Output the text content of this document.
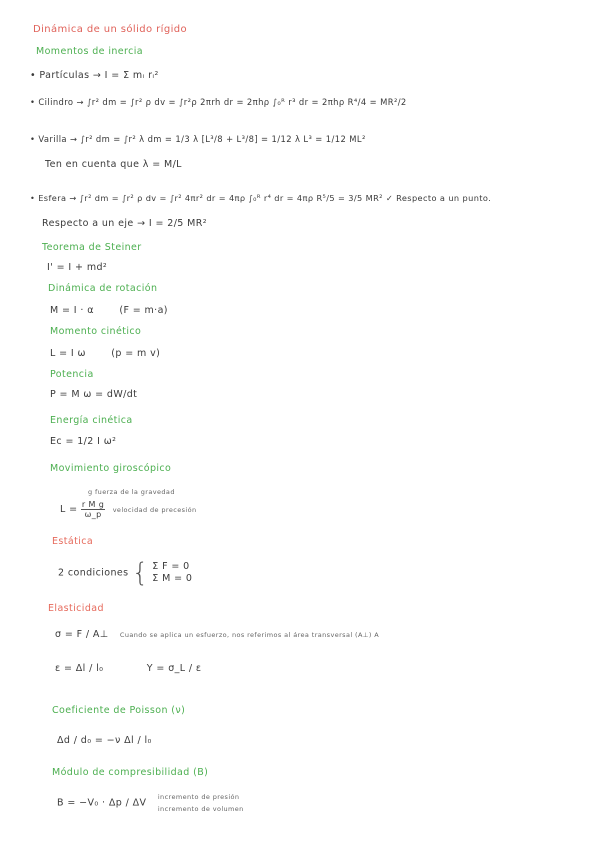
Dinámica de un sólido rígido
Momentos de inercia
• Partículas → I = Σ mᵢ rᵢ²
• Cilindro → ∫r² dm = ∫r² ρ dv = ∫r²ρ 2πrh dr = 2πhρ ∫₀ᴿ r³ dr = 2πhρ R⁴/4 = MR²/2
• Varilla → ∫r² dm = ∫r² λ dm = 1/3 λ [L³/8 + L³/8] = 1/12 λ L³ = 1/12 ML²
Ten en cuenta que λ = M/L
• Esfera → ∫r² dm = ∫r² ρ dv = ∫r² 4πr² dr = 4πρ ∫₀ᴿ r⁴ dr = 4πρ R⁵/5 = 3/5 MR² ✓ Respecto a un punto.
Respecto a un eje → I = 2/5 MR²
Teorema de Steiner
I' = I + md²
Dinámica de rotación
M = I · α	(F = m·a)
Momento cinético
L = I ω	(p = m v)
Potencia
P = M ω = dW/dt
Energía cinética
Ec = 1/2 I ω²
Movimiento giroscópico
g fuerza de la gravedad
$L = \frac{\text{r M g}}{\omega\_p}$ velocidad de precesión
Estática
2 condiciones { Σ F = 0
Σ M = 0
Elasticidad
σ = F / A⊥ Cuando se aplica un esfuerzo, nos referimos al área transversal (A⊥) A
ε = Δl / l₀	Y = σ_L / ε
Coeficiente de Poisson (ν)
Δd / d₀ = −ν Δl / l₀
Módulo de compresibilidad (B)
B = −V₀ · Δp / ΔV
incremento de presión
incremento de volumen
